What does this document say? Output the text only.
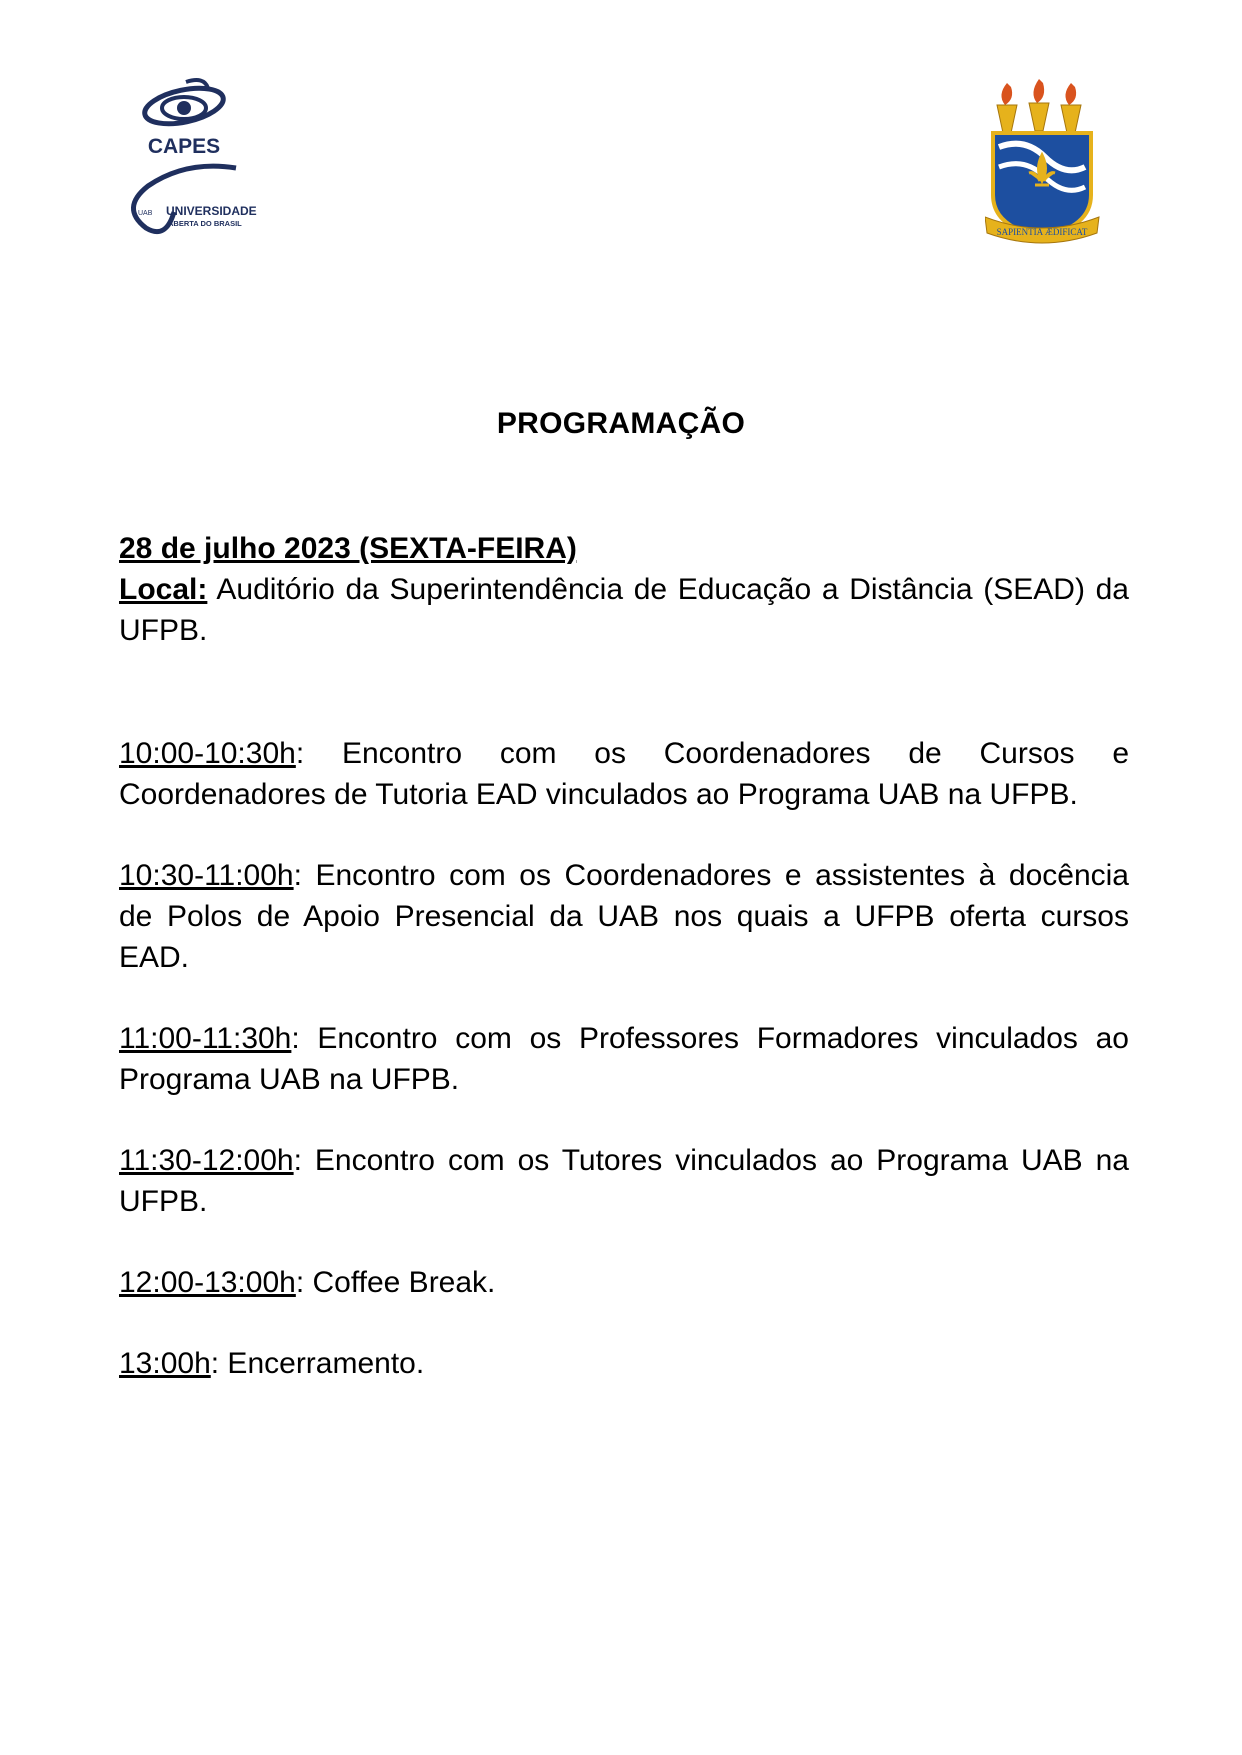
CAPES
UAB UNIVERSIDADE
ABERTA DO BRASIL
SAPIENTIA ÆDIFICAT
PROGRAMAÇÃO

28 de julho 2023 (SEXTA-FEIRA)

Local: Auditório da Superintendência de Educação a Distância (SEAD) da UFPB.

10:00-10:30h: Encontro com os Coordenadores de Cursos e Coordenadores de Tutoria EAD vinculados ao Programa UAB na UFPB.

10:30-11:00h: Encontro com os Coordenadores e assistentes à docência de Polos de Apoio Presencial da UAB nos quais a UFPB oferta cursos EAD.

11:00-11:30h: Encontro com os Professores Formadores vinculados ao Programa UAB na UFPB.

11:30-12:00h: Encontro com os Tutores vinculados ao Programa UAB na UFPB.

12:00-13:00h: Coffee Break.

13:00h: Encerramento.
